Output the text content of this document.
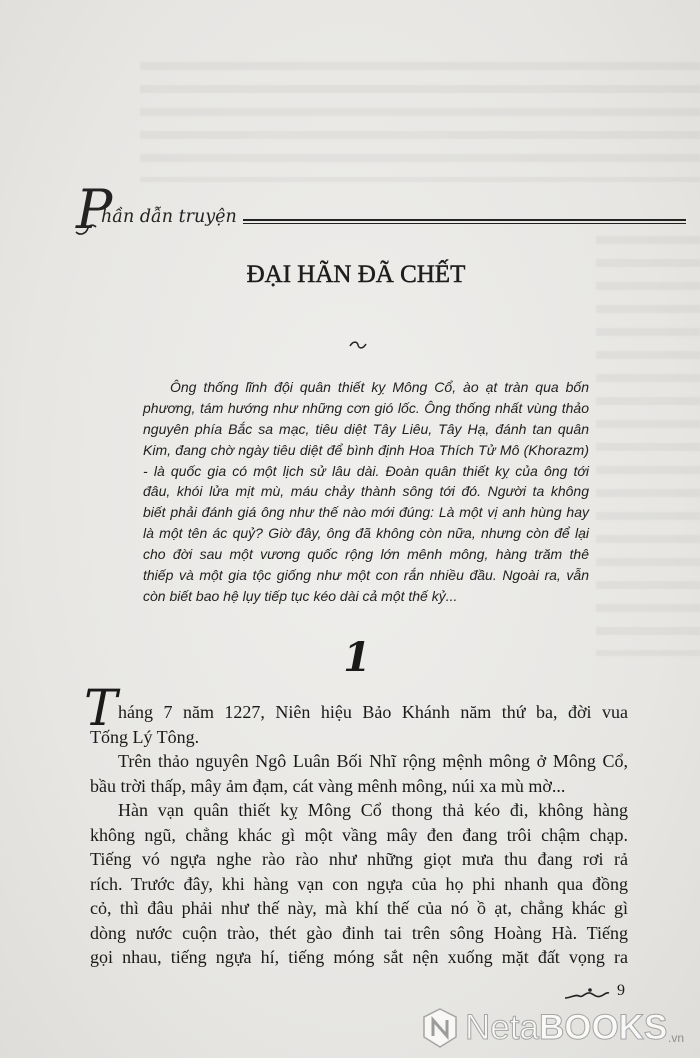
P
hần dẫn truyện
ĐẠI HÃN ĐÃ CHẾT
Ông thống lĩnh đội quân thiết kỵ Mông Cổ, ào ạt tràn qua bốn
phương, tám hướng như những cơn gió lốc. Ông thống nhất vùng thảo
nguyên phía Bắc sa mạc, tiêu diệt Tây Liêu, Tây Hạ, đánh tan quân
Kim, đang chờ ngày tiêu diệt để bình định Hoa Thích Tử Mô (Khorazm)
- là quốc gia có một lịch sử lâu dài. Đoàn quân thiết kỵ của ông tới
đâu, khói lửa mịt mù, máu chảy thành sông tới đó. Người ta không
biết phải đánh giá ông như thế nào mới đúng: Là một vị anh hùng hay
là một tên ác quỷ? Giờ đây, ông đã không còn nữa, nhưng còn để lại
cho đời sau một vương quốc rộng lớn mênh mông, hàng trăm thê
thiếp và một gia tộc giống như một con rắn nhiều đầu. Ngoài ra, vẫn
còn biết bao hệ lụy tiếp tục kéo dài cả một thế kỷ...
1
T háng 7 năm 1227, Niên hiệu Bảo Khánh năm thứ ba, đời vua
Tống Lý Tông.
Trên thảo nguyên Ngô Luân Bối Nhĩ rộng mệnh mông ở Mông Cổ,
bầu trời thấp, mây ảm đạm, cát vàng mênh mông, núi xa mù mờ...
Hàn vạn quân thiết kỵ Mông Cổ thong thả kéo đi, không hàng
không ngũ, chẳng khác gì một vầng mây đen đang trôi chậm chạp.
Tiếng vó ngựa nghe rào rào như những giọt mưa thu đang rơi rả
rích. Trước đây, khi hàng vạn con ngựa của họ phi nhanh qua đồng
cỏ, thì đâu phải như thế này, mà khí thế của nó ồ ạt, chẳng khác gì
dòng nước cuộn trào, thét gào đinh tai trên sông Hoàng Hà. Tiếng
gọi nhau, tiếng ngựa hí, tiếng móng sắt nện xuống mặt đất vọng ra
9
NetaBOOKS .vn
